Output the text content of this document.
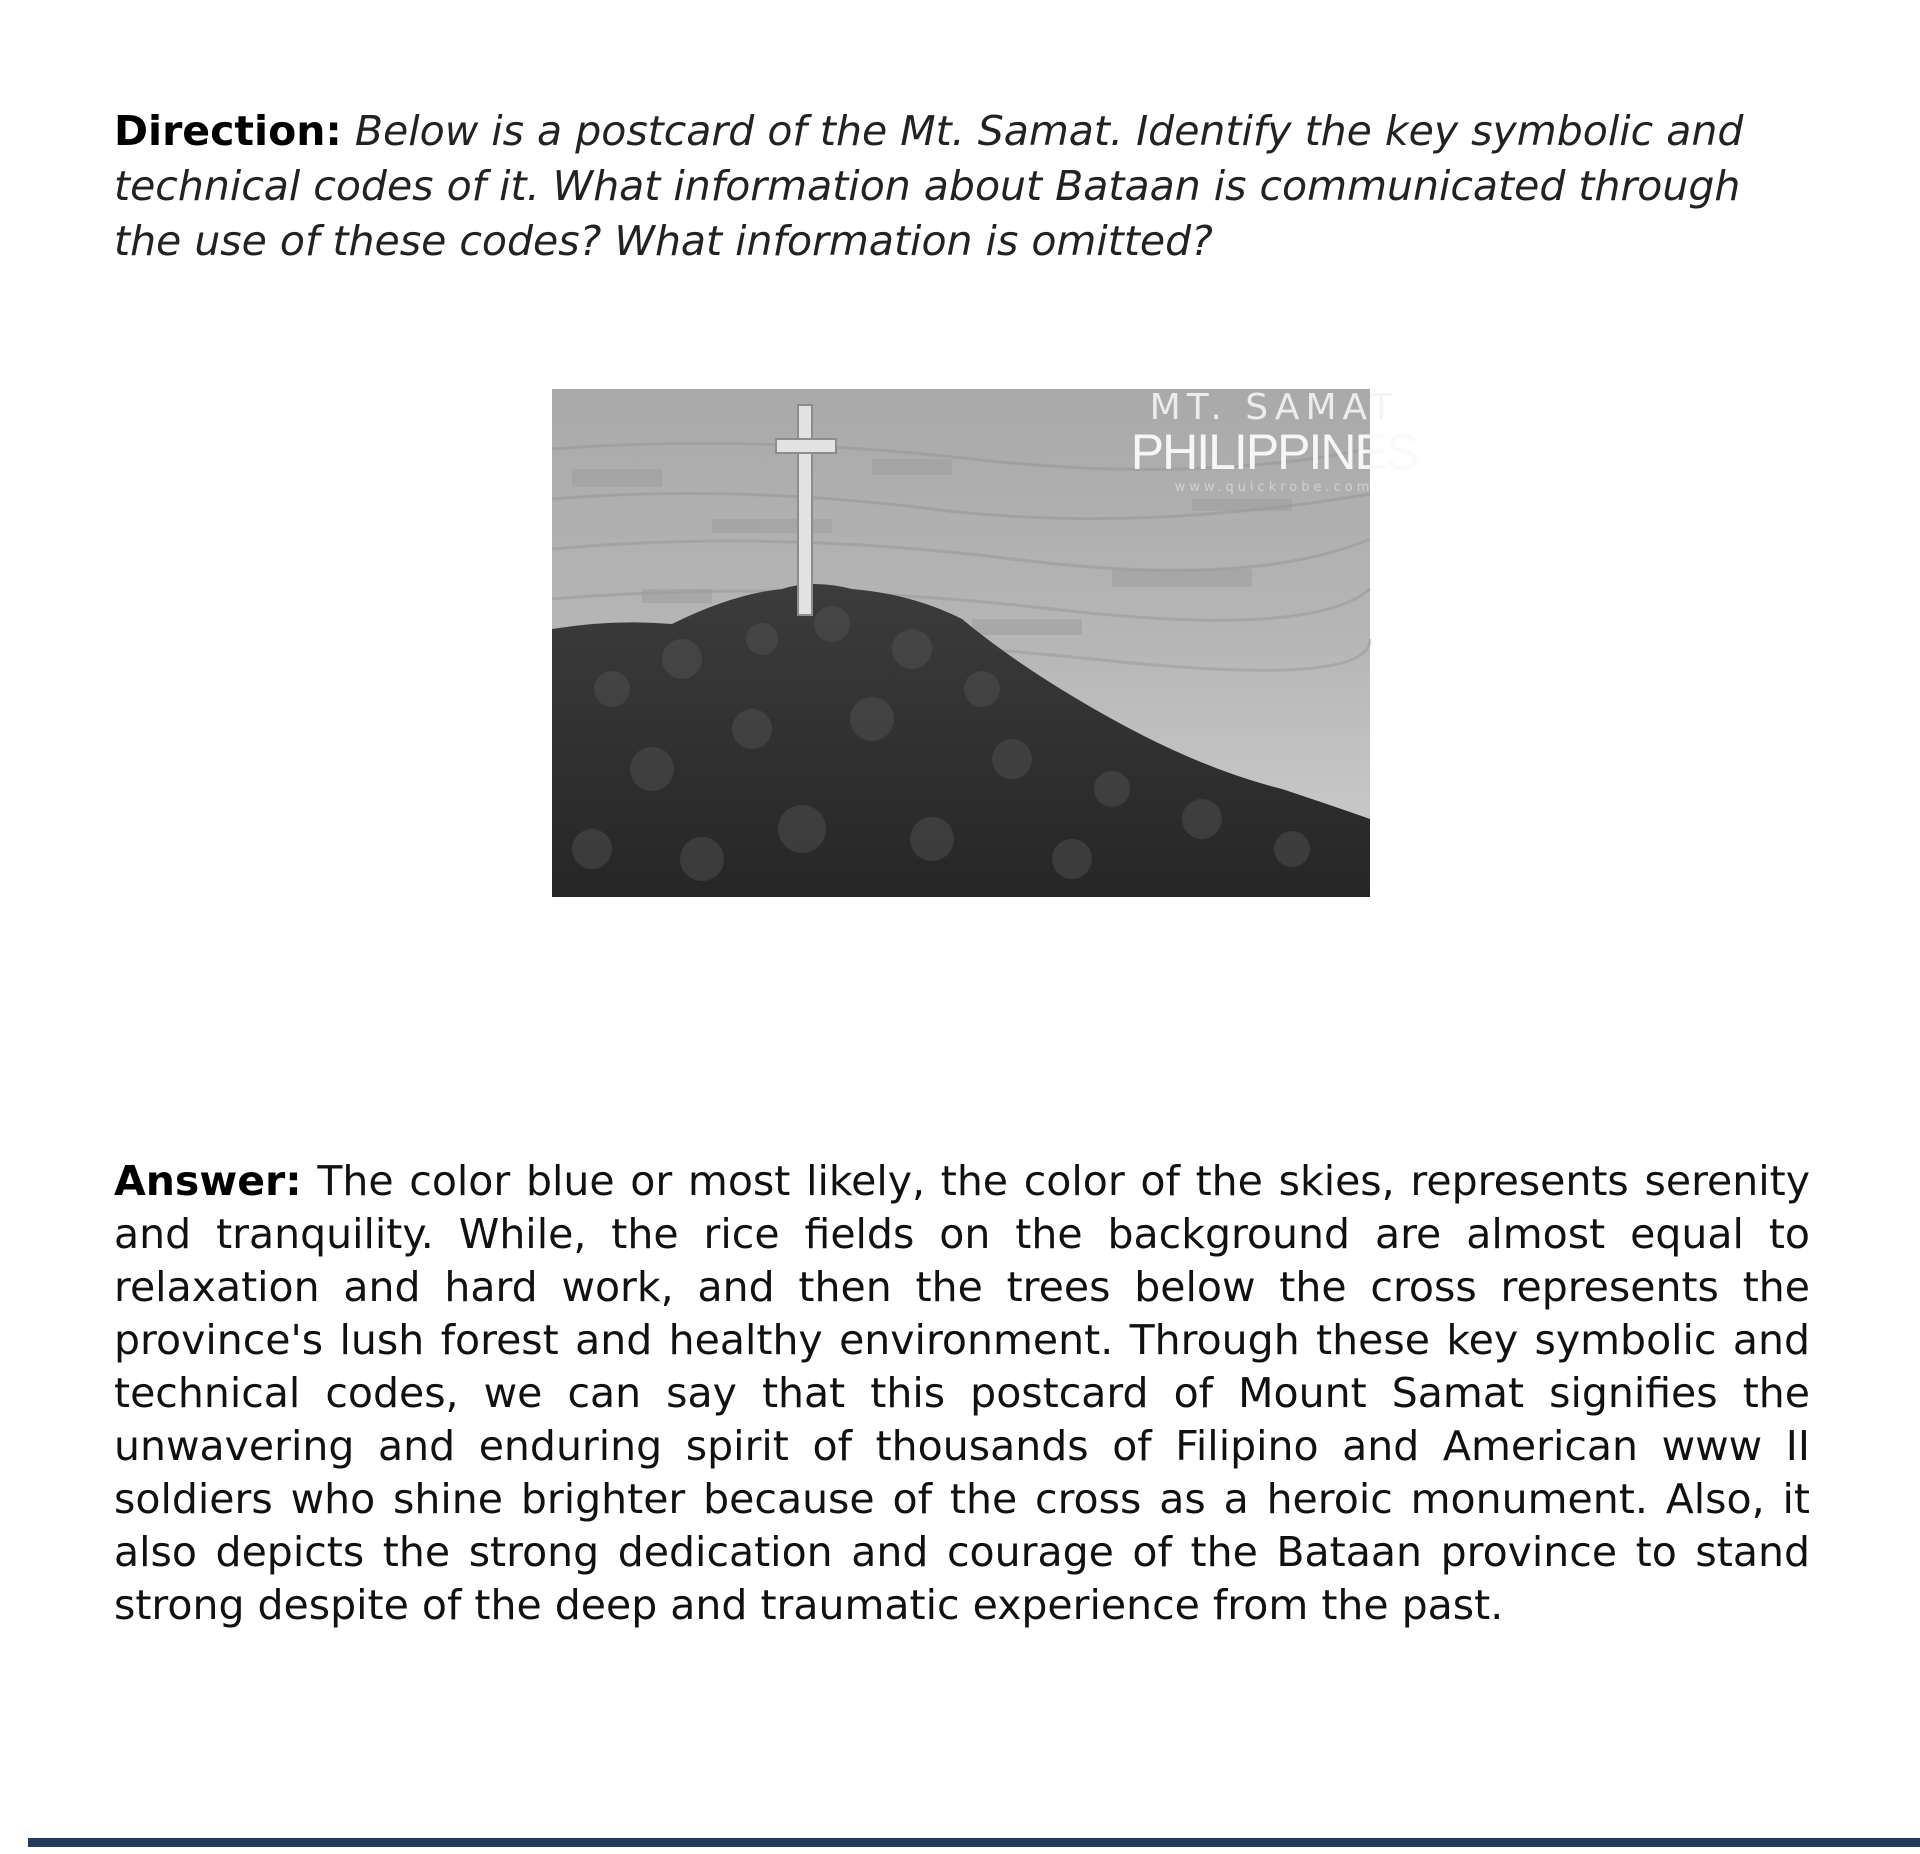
Direction: Below is a postcard of the Mt. Samat. Identify the key symbolic and technical codes of it. What information about Bataan is communicated through the use of these codes? What information is omitted?
MT. SAMAT
PHILIPPINES
www.quickrobe.com
Answer: The color blue or most likely, the color of the skies, represents serenity and tranquility. While, the rice fields on the background are almost equal to relaxation and hard work, and then the trees below the cross represents the province's lush forest and healthy environment. Through these key symbolic and technical codes, we can say that this postcard of Mount Samat signifies the unwavering and enduring spirit of thousands of Filipino and American www II soldiers who shine brighter because of the cross as a heroic monument. Also, it also depicts the strong dedication and courage of the Bataan province to stand strong despite of the deep and traumatic experience from the past.
